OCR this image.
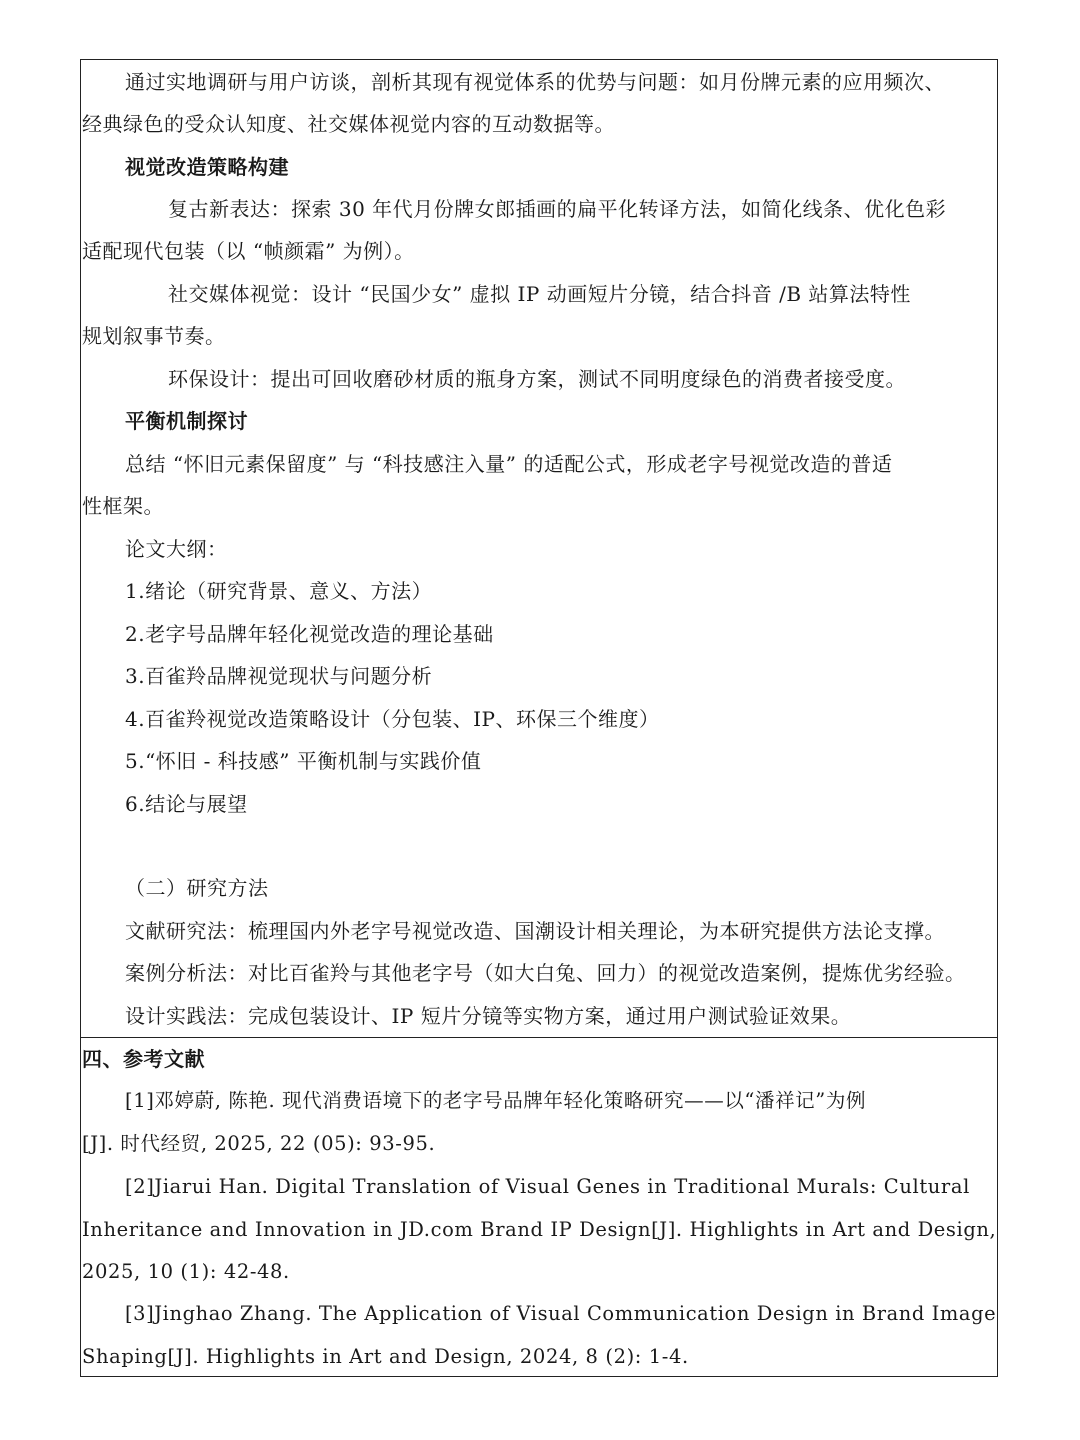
通过实地调研与用户访谈，剖析其现有视觉体系的优势与问题：如月份牌元素的应用频次、
经典绿色的受众认知度、社交媒体视觉内容的互动数据等。
视觉改造策略构建
复古新表达：探索 30 年代月份牌女郎插画的扁平化转译方法，如简化线条、优化色彩
适配现代包装（以 “帧颜霜” 为例）。
社交媒体视觉：设计 “民国少女” 虚拟 IP 动画短片分镜，结合抖音 /B 站算法特性
规划叙事节奏。
环保设计：提出可回收磨砂材质的瓶身方案，测试不同明度绿色的消费者接受度。
平衡机制探讨
总结 “怀旧元素保留度” 与 “科技感注入量” 的适配公式，形成老字号视觉改造的普适
性框架。
论文大纲：
1.绪论（研究背景、意义、方法）
2.老字号品牌年轻化视觉改造的理论基础
3.百雀羚品牌视觉现状与问题分析
4.百雀羚视觉改造策略设计（分包装、IP、环保三个维度）
5.“怀旧 - 科技感” 平衡机制与实践价值
6.结论与展望
（二）研究方法
文献研究法：梳理国内外老字号视觉改造、国潮设计相关理论，为本研究提供方法论支撑。
案例分析法：对比百雀羚与其他老字号（如大白兔、回力）的视觉改造案例，提炼优劣经验。
设计实践法：完成包装设计、IP 短片分镜等实物方案，通过用户测试验证效果。
四、参考文献
[1]邓婷蔚, 陈艳. 现代消费语境下的老字号品牌年轻化策略研究——以“潘祥记”为例
[J]. 时代经贸, 2025, 22 (05): 93-95.
[2]Jiarui Han. Digital Translation of Visual Genes in Traditional Murals: Cultural
Inheritance and Innovation in JD.com Brand IP Design[J]. Highlights in Art and Design,
2025, 10 (1): 42-48.
[3]Jinghao Zhang. The Application of Visual Communication Design in Brand Image
Shaping[J]. Highlights in Art and Design, 2024, 8 (2): 1-4.
